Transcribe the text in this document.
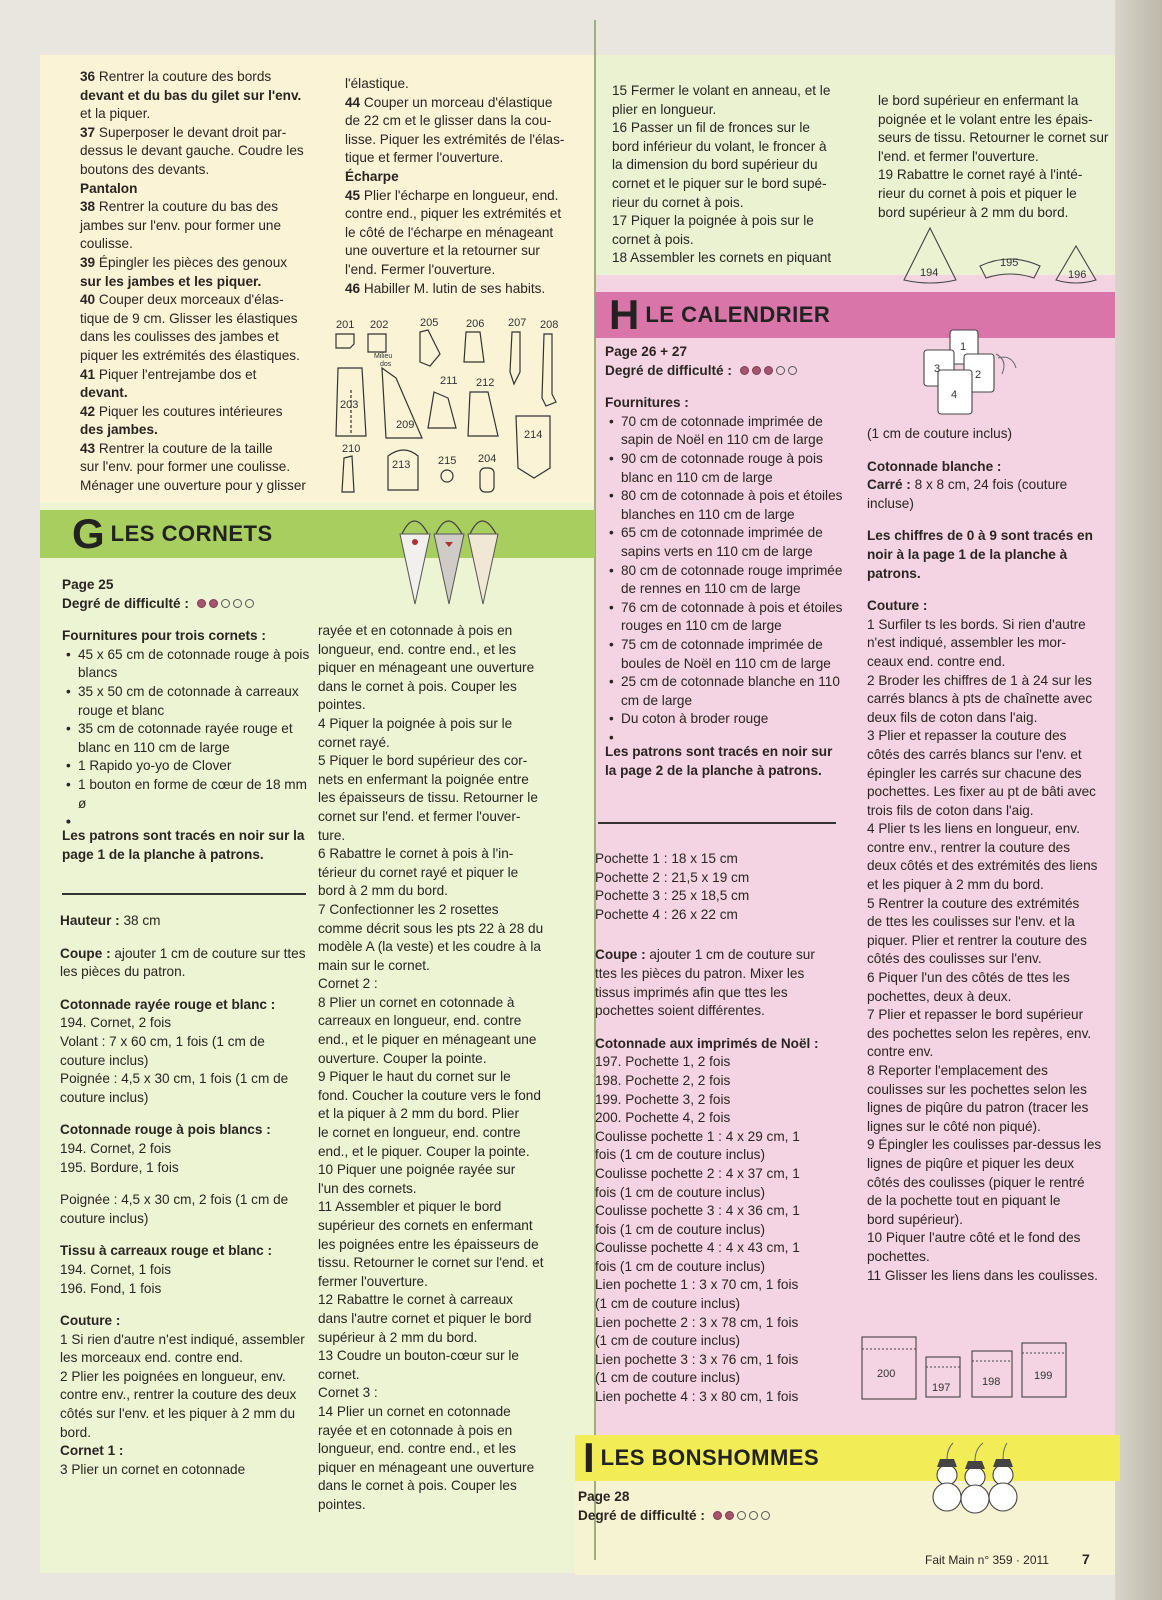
G LES CORNETS
H LE CALENDRIER
I LES BONSHOMMES

36 Rentrer la couture des bords

devant et du bas du gilet sur l'env.

et la piquer.

37 Superposer le devant droit par-

dessus le devant gauche. Coudre les

boutons des devants.

Pantalon

38 Rentrer la couture du bas des

jambes sur l'env. pour former une

coulisse.

39 Épingler les pièces des genoux

sur les jambes et les piquer.

40 Couper deux morceaux d'élas-

tique de 9 cm. Glisser les élastiques

dans les coulisses des jambes et

piquer les extrémités des élastiques.

41 Piquer l'entrejambe dos et

devant.

42 Piquer les coutures intérieures

des jambes.

43 Rentrer la couture de la taille

sur l'env. pour former une coulisse.

Ménager une ouverture pour y glisser

l'élastique.

44 Couper un morceau d'élastique

de 22 cm et le glisser dans la cou-

lisse. Piquer les extrémités de l'élas-

tique et fermer l'ouverture.

Écharpe

45 Plier l'écharpe en longueur, end.

contre end., piquer les extrémités et

le côté de l'écharpe en ménageant

une ouverture et la retourner sur

l'end. Fermer l'ouverture.

46 Habiller M. lutin de ses habits.

201 202	205	206 207 208
Milieu
dos
211 212
203
209
214
210
215 204
213

Page 25

Degré de difficulté :

Fournitures pour trois cornets :

• 45 x 65 cm de cotonnade rouge à pois blancs
• 35 x 50 cm de cotonnade à carreaux rouge et blanc
• 35 cm de cotonnade rayée rouge et blanc en 110 cm de large
• 1 Rapido yo-yo de Clover
• 1 bouton en forme de cœur de 18 mm ø

Les patrons sont tracés en noir sur la page 1 de la planche à patrons.

Hauteur : 38 cm

Coupe : ajouter 1 cm de couture sur ttes les pièces du patron.

Cotonnade rayée rouge et blanc :

194. Cornet, 2 fois

Volant : 7 x 60 cm, 1 fois (1 cm de couture inclus)

Poignée : 4,5 x 30 cm, 1 fois (1 cm de couture inclus)

Cotonnade rouge à pois blancs :

194. Cornet, 2 fois

195. Bordure, 1 fois

Poignée : 4,5 x 30 cm, 2 fois (1 cm de couture inclus)

Tissu à carreaux rouge et blanc :

194. Cornet, 1 fois

196. Fond, 1 fois

Couture :

1 Si rien d'autre n'est indiqué, assembler les morceaux end. contre end.

2 Plier les poignées en longueur, env. contre env., rentrer la couture des deux côtés sur l'env. et les piquer à 2 mm du bord.

Cornet 1 :

3 Plier un cornet en cotonnade

rayée et en cotonnade à pois en

longueur, end. contre end., et les

piquer en ménageant une ouverture

dans le cornet à pois. Couper les

pointes.

4 Piquer la poignée à pois sur le

cornet rayé.

5 Piquer le bord supérieur des cor-

nets en enfermant la poignée entre

les épaisseurs de tissu. Retourner le

cornet sur l'end. et fermer l'ouver-

ture.

6 Rabattre le cornet à pois à l'in-

térieur du cornet rayé et piquer le

bord à 2 mm du bord.

7 Confectionner les 2 rosettes

comme décrit sous les pts 22 à 28 du

modèle A (la veste) et les coudre à la

main sur le cornet.

Cornet 2 :

8 Plier un cornet en cotonnade à

carreaux en longueur, end. contre

end., et le piquer en ménageant une

ouverture. Couper la pointe.

9 Piquer le haut du cornet sur le

fond. Coucher la couture vers le fond

et la piquer à 2 mm du bord. Plier

le cornet en longueur, end. contre

end., et le piquer. Couper la pointe.

10 Piquer une poignée rayée sur

l'un des cornets.

11 Assembler et piquer le bord

supérieur des cornets en enfermant

les poignées entre les épaisseurs de

tissu. Retourner le cornet sur l'end. et

fermer l'ouverture.

12 Rabattre le cornet à carreaux

dans l'autre cornet et piquer le bord

supérieur à 2 mm du bord.

13 Coudre un bouton-cœur sur le

cornet.

Cornet 3 :

14 Plier un cornet en cotonnade

rayée et en cotonnade à pois en

longueur, end. contre end., et les

piquer en ménageant une ouverture

dans le cornet à pois. Couper les

pointes.

15 Fermer le volant en anneau, et le

plier en longueur.

16 Passer un fil de fronces sur le

bord inférieur du volant, le froncer à

la dimension du bord supérieur du

cornet et le piquer sur le bord supé-

rieur du cornet à pois.

17 Piquer la poignée à pois sur le

cornet à pois.

18 Assembler les cornets en piquant

le bord supérieur en enfermant la

poignée et le volant entre les épais-

seurs de tissu. Retourner le cornet sur

l'end. et fermer l'ouverture.

19 Rabattre le cornet rayé à l'inté-

rieur du cornet à pois et piquer le

bord supérieur à 2 mm du bord.

194
195
196

Page 26 + 27

Degré de difficulté :

Fournitures :

• 70 cm de cotonnade imprimée de sapin de Noël en 110 cm de large
• 90 cm de cotonnade rouge à pois blanc en 110 cm de large
• 80 cm de cotonnade à pois et étoiles blanches en 110 cm de large
• 65 cm de cotonnade imprimée de sapins verts en 110 cm de large
• 80 cm de cotonnade rouge imprimée de rennes en 110 cm de large
• 76 cm de cotonnade à pois et étoiles rouges en 110 cm de large
• 75 cm de cotonnade imprimée de boules de Noël en 110 cm de large
• 25 cm de cotonnade blanche en 110 cm de large
• Du coton à broder rouge

Les patrons sont tracés en noir sur la page 2 de la planche à patrons.

Pochette 1 : 18 x 15 cm

Pochette 2 : 21,5 x 19 cm

Pochette 3 : 25 x 18,5 cm

Pochette 4 : 26 x 22 cm

Coupe : ajouter 1 cm de couture sur ttes les pièces du patron. Mixer les tissus imprimés afin que ttes les pochettes soient différentes.

Cotonnade aux imprimés de Noël :

197. Pochette 1, 2 fois

198. Pochette 2, 2 fois

199. Pochette 3, 2 fois

200. Pochette 4, 2 fois

Coulisse pochette 1 : 4 x 29 cm, 1

fois (1 cm de couture inclus)

Coulisse pochette 2 : 4 x 37 cm, 1

fois (1 cm de couture inclus)

Coulisse pochette 3 : 4 x 36 cm, 1

fois (1 cm de couture inclus)

Coulisse pochette 4 : 4 x 43 cm, 1

fois (1 cm de couture inclus)

Lien pochette 1 : 3 x 70 cm, 1 fois

(1 cm de couture inclus)

Lien pochette 2 : 3 x 78 cm, 1 fois

(1 cm de couture inclus)

Lien pochette 3 : 3 x 76 cm, 1 fois

(1 cm de couture inclus)

Lien pochette 4 : 3 x 80 cm, 1 fois

1
3	2
4

(1 cm de couture inclus)

Cotonnade blanche :

Carré : 8 x 8 cm, 24 fois (couture

incluse)

Les chiffres de 0 à 9 sont tracés en

noir à la page 1 de la planche à

patrons.

Couture :

1 Surfiler ts les bords. Si rien d'autre

n'est indiqué, assembler les mor-

ceaux end. contre end.

2 Broder les chiffres de 1 à 24 sur les

carrés blancs à pts de chaînette avec

deux fils de coton dans l'aig.

3 Plier et repasser la couture des

côtés des carrés blancs sur l'env. et

épingler les carrés sur chacune des

pochettes. Les fixer au pt de bâti avec

trois fils de coton dans l'aig.

4 Plier ts les liens en longueur, env.

contre env., rentrer la couture des

deux côtés et des extrémités des liens

et les piquer à 2 mm du bord.

5 Rentrer la couture des extrémités

de ttes les coulisses sur l'env. et la

piquer. Plier et rentrer la couture des

côtés des coulisses sur l'env.

6 Piquer l'un des côtés de ttes les

pochettes, deux à deux.

7 Plier et repasser le bord supérieur

des pochettes selon les repères, env.

contre env.

8 Reporter l'emplacement des

coulisses sur les pochettes selon les

lignes de piqûre du patron (tracer les

lignes sur le côté non piqué).

9 Épingler les coulisses par-dessus les

lignes de piqûre et piquer les deux

côtés des coulisses (piquer le rentré

de la pochette tout en piquant le

bord supérieur).

10 Piquer l'autre côté et le fond des

pochettes.

11 Glisser les liens dans les coulisses.

200
197	198	199

Page 28

Degré de difficulté :

Fait Main n° 359 · 2011 7
